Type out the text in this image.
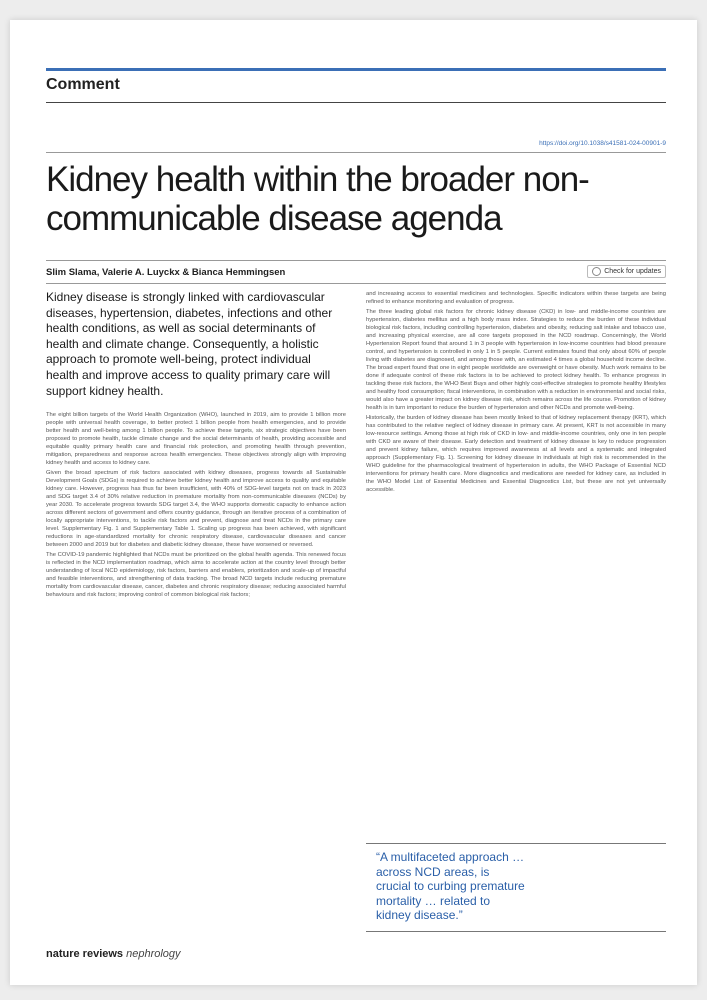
Comment
https://doi.org/10.1038/s41581-024-00901-9
Kidney health within the broader non-communicable disease agenda
Slim Slama, Valerie A. Luyckx & Bianca Hemmingsen	Check for updates

Kidney disease is strongly linked with cardiovascular diseases, hypertension, diabetes, infections and other health conditions, as well as social determinants of health and climate change. Consequently, a holistic approach to promote well-being, protect individual health and improve access to quality primary care will support kidney health.

The eight billion targets of the World Health Organization (WHO), launched in 2019, aim to provide 1 billion more people with universal health coverage, to better protect 1 billion people from health emergencies, and to provide better health and well-being among 1 billion people. To achieve these targets, six strategic objectives have been proposed to promote health, tackle climate change and the social determinants of health, providing accessible and equitable quality primary health care and financial risk protection, and promoting health through prevention, mitigation, preparedness and response across health emergencies. These objectives strongly align with improving kidney health and access to kidney care.

Given the broad spectrum of risk factors associated with kidney diseases, progress towards all Sustainable Development Goals (SDGs) is required to achieve better kidney health and improve access to quality and equitable kidney care. However, progress has thus far been insufficient, with 40% of SDG-level targets not on track in 2023 and SDG target 3.4 of 30% relative reduction in premature mortality from non-communicable diseases (NCDs) by year 2030. To accelerate progress towards SDG target 3.4, the WHO supports domestic capacity to enhance action across different sectors of government and offers country guidance, through an iterative process of a combination of locally appropriate interventions, to tackle risk factors and prevent, diagnose and treat NCDs in the primary care level. Supplementary Fig. 1 and Supplementary Table 1. Scaling up progress has been achieved, with significant reductions in age-standardized mortality for chronic respiratory disease, cardiovascular diseases and cancer between 2000 and 2019 but for diabetes and diabetic kidney disease, these have worsened or reversed.

The COVID-19 pandemic highlighted that NCDs must be prioritized on the global health agenda. This renewed focus is reflected in the NCD implementation roadmap, which aims to accelerate action at the country level through better understanding of local NCD epidemiology, risk factors, barriers and enablers, prioritization and scale-up of impactful and feasible interventions, and strengthening of data tracking. The broad NCD targets include reducing premature mortality from cardiovascular disease, cancer, diabetes and chronic respiratory disease; reducing associated harmful behaviours and risk factors; improving control of common biological risk factors;

and increasing access to essential medicines and technologies. Specific indicators within these targets are being refined to enhance monitoring and evaluation of progress.

The three leading global risk factors for chronic kidney disease (CKD) in low- and middle-income countries are hypertension, diabetes mellitus and a high body mass index. Strategies to reduce the burden of these individual biological risk factors, including controlling hypertension, diabetes and obesity, reducing salt intake and tobacco use, and increasing physical exercise, are all core targets proposed in the NCD roadmap. Concerningly, the World Hypertension Report found that around 1 in 3 people with hypertension in low-income countries had blood pressure control, and hypertension is controlled in only 1 in 5 people. Current estimates found that only about 60% of people living with diabetes are diagnosed, and among those with, an estimated 4 times a global household income decline. The broad expert found that one in eight people worldwide are overweight or have obesity. Much work remains to be done if adequate control of these risk factors is to be achieved to protect kidney health. To enhance progress in tackling these risk factors, the WHO Best Buys and other highly cost-effective strategies to promote healthy lifestyles and healthy food consumption; fiscal interventions, in combination with a reduction in environmental and social risks, would also have a greater impact on kidney disease risk, which remains across the life course. Promotion of kidney health is in turn important to reduce the burden of hypertension and other NCDs and promote well-being.

Historically, the burden of kidney disease has been mostly linked to that of kidney replacement therapy (KRT), which has contributed to the relative neglect of kidney disease in primary care. At present, KRT is not accessible in many low-resource settings. Among those at high risk of CKD in low- and middle-income countries, only one in ten people with CKD are aware of their disease. Early detection and treatment of kidney disease is key to reduce progression and prevent kidney failure, which requires improved awareness at all levels and a systematic and integrated approach (Supplementary Fig. 1). Screening for kidney disease in individuals at high risk is recommended in the WHO guideline for the pharmacological treatment of hypertension in adults, the WHO Package of Essential NCD interventions for primary health care. More diagnostics and medications are needed for kidney care, as included in the WHO Model List of Essential Medicines and Essential Diagnostics List, but these are not yet universally accessible.

“A multifaceted approach … across NCD areas, is crucial to curbing premature mortality … related to kidney disease.”

nature reviews nephrology
